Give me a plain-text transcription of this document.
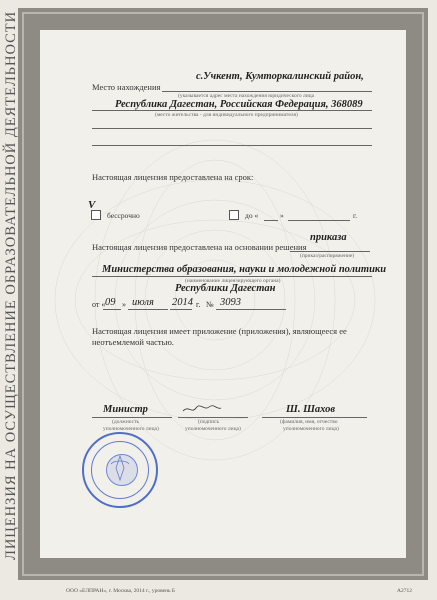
ЛИЦЕНЗИЯ НА ОСУЩЕСТВЛЕНИЕ ОБРАЗОВАТЕЛЬНОЙ ДЕЯТЕЛЬНОСТИ	Место нахождения
с.Учкент, Кумторкалинский район,
(указывается адрес места нахождения юридического лица
Республика Дагестан, Российская Федерация, 368089
(место жительства - для индивидуального предпринимателя)
Настоящая лицензия предоставлена на срок:
V
бессрочно	до «	»	г.
Настоящая лицензия предоставлена на основании решения
приказа
(приказ/распоряжение)
Министерства образования, науки и молодежной политики
(наименование лицензирующего органа)
Республики Дагестан
от « 09 » июля 2014 г. № 3093
Настоящая лицензия имеет приложение (приложения), являющееся ее
неотъемлемой частью.
Министр
(должность
уполномоченного лица)
(подпись
уполномоченного лица)
Ш. Шахов
(фамилия, имя, отчество
уполномоченного лица)
ООО «ЕЛПРАН», г. Москва, 2014 г., уровень Б	А2712
